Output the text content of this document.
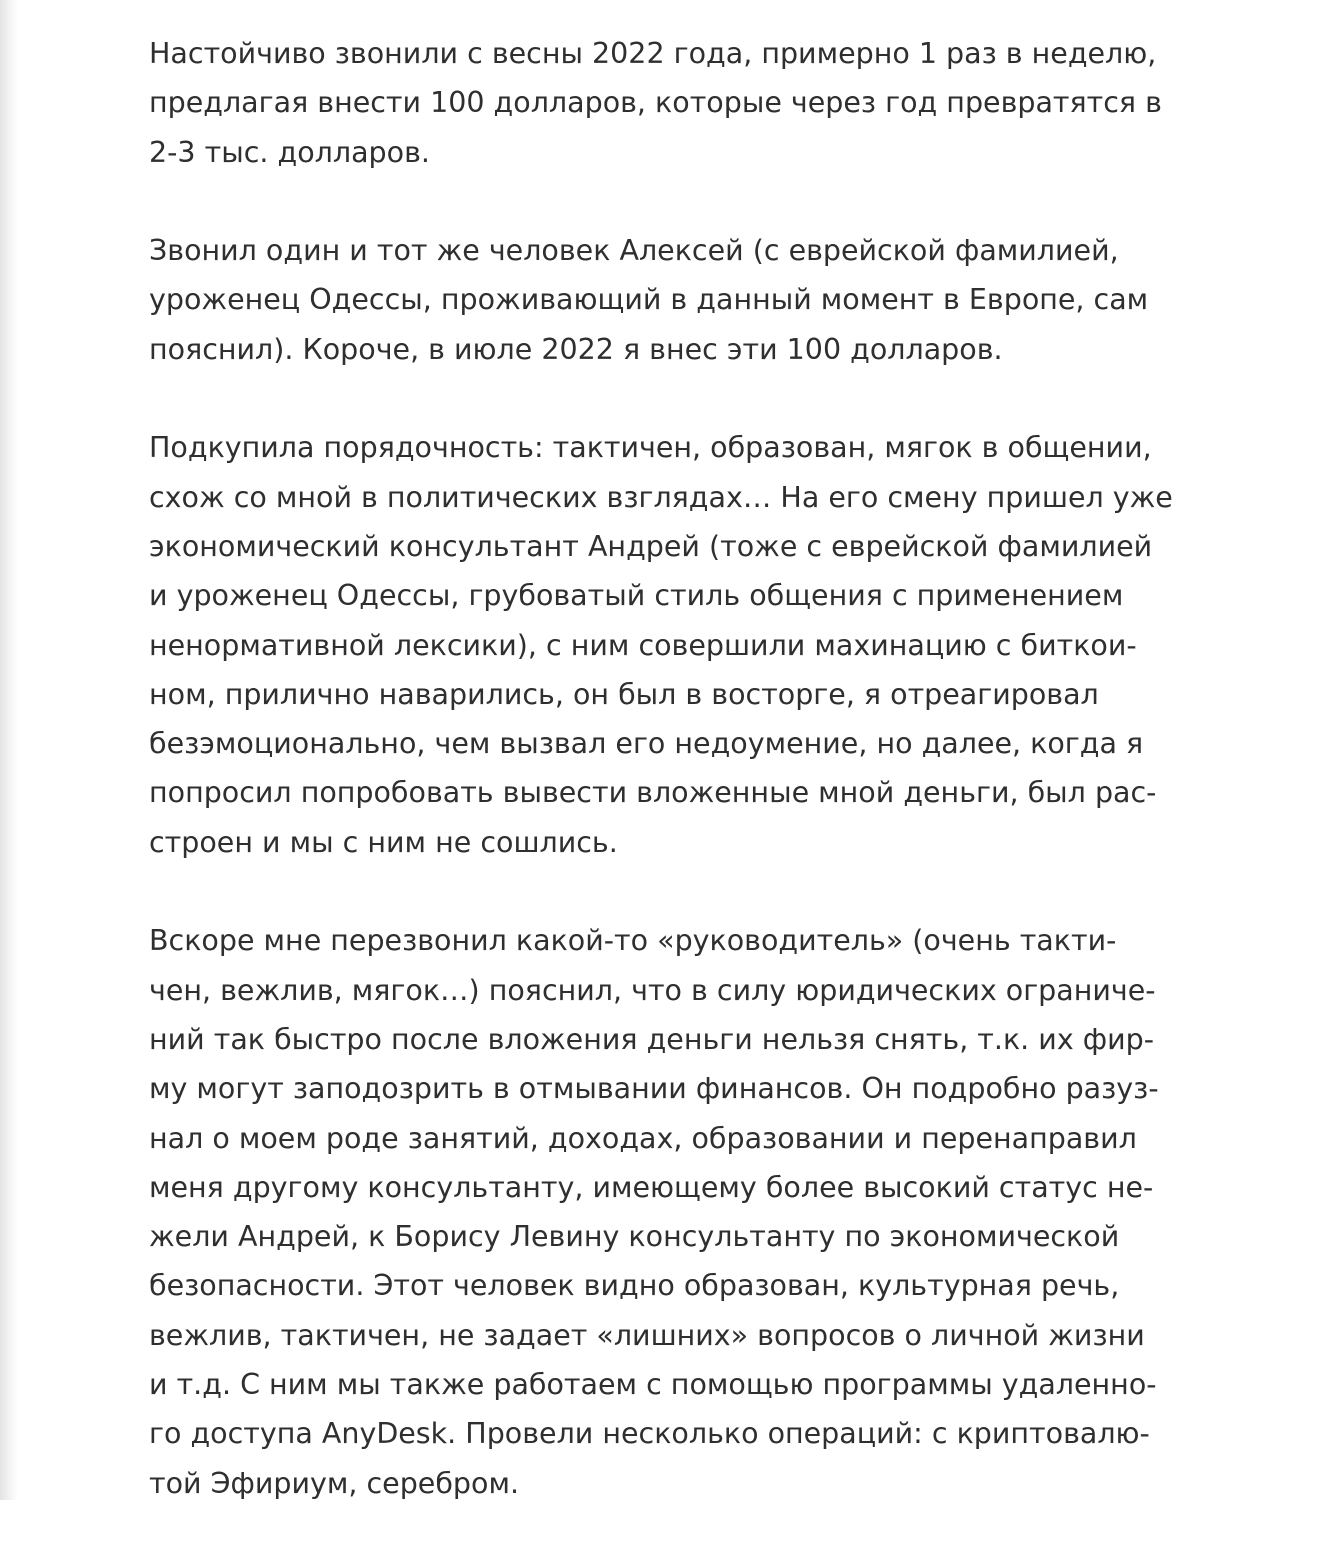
Настойчиво звонили с весны 2022 года, примерно 1 раз в неделю,
предлагая внести 100 долларов, которые через год превратятся в
2-3 тыс. долларов.

Звонил один и тот же человек Алексей (с еврейской фамилией,
уроженец Одессы, проживающий в данный момент в Европе, сам
пояснил). Короче, в июле 2022 я внес эти 100 долларов.

Подкупила порядочность: тактичен, образован, мягок в общении,
схож со мной в политических взглядах… На его смену пришел уже
экономический консультант Андрей (тоже с еврейской фамилией
и уроженец Одессы, грубоватый стиль общения с применением
ненормативной лексики), с ним совершили махинацию с биткои-
ном, прилично наварились, он был в восторге, я отреагировал
безэмоционально, чем вызвал его недоумение, но далее, когда я
попросил попробовать вывести вложенные мной деньги, был рас-
строен и мы с ним не сошлись.

Вскоре мне перезвонил какой-то «руководитель» (очень такти-
чен, вежлив, мягок…) пояснил, что в силу юридических ограниче-
ний так быстро после вложения деньги нельзя снять, т.к. их фир-
му могут заподозрить в отмывании финансов. Он подробно разуз-
нал о моем роде занятий, доходах, образовании и перенаправил
меня другому консультанту, имеющему более высокий статус не-
жели Андрей, к Борису Левину консультанту по экономической
безопасности. Этот человек видно образован, культурная речь,
вежлив, тактичен, не задает «лишних» вопросов о личной жизни
и т.д. С ним мы также работаем с помощью программы удаленно-
го доступа AnyDesk. Провели несколько операций: с криптовалю-
той Эфириум, серебром.
